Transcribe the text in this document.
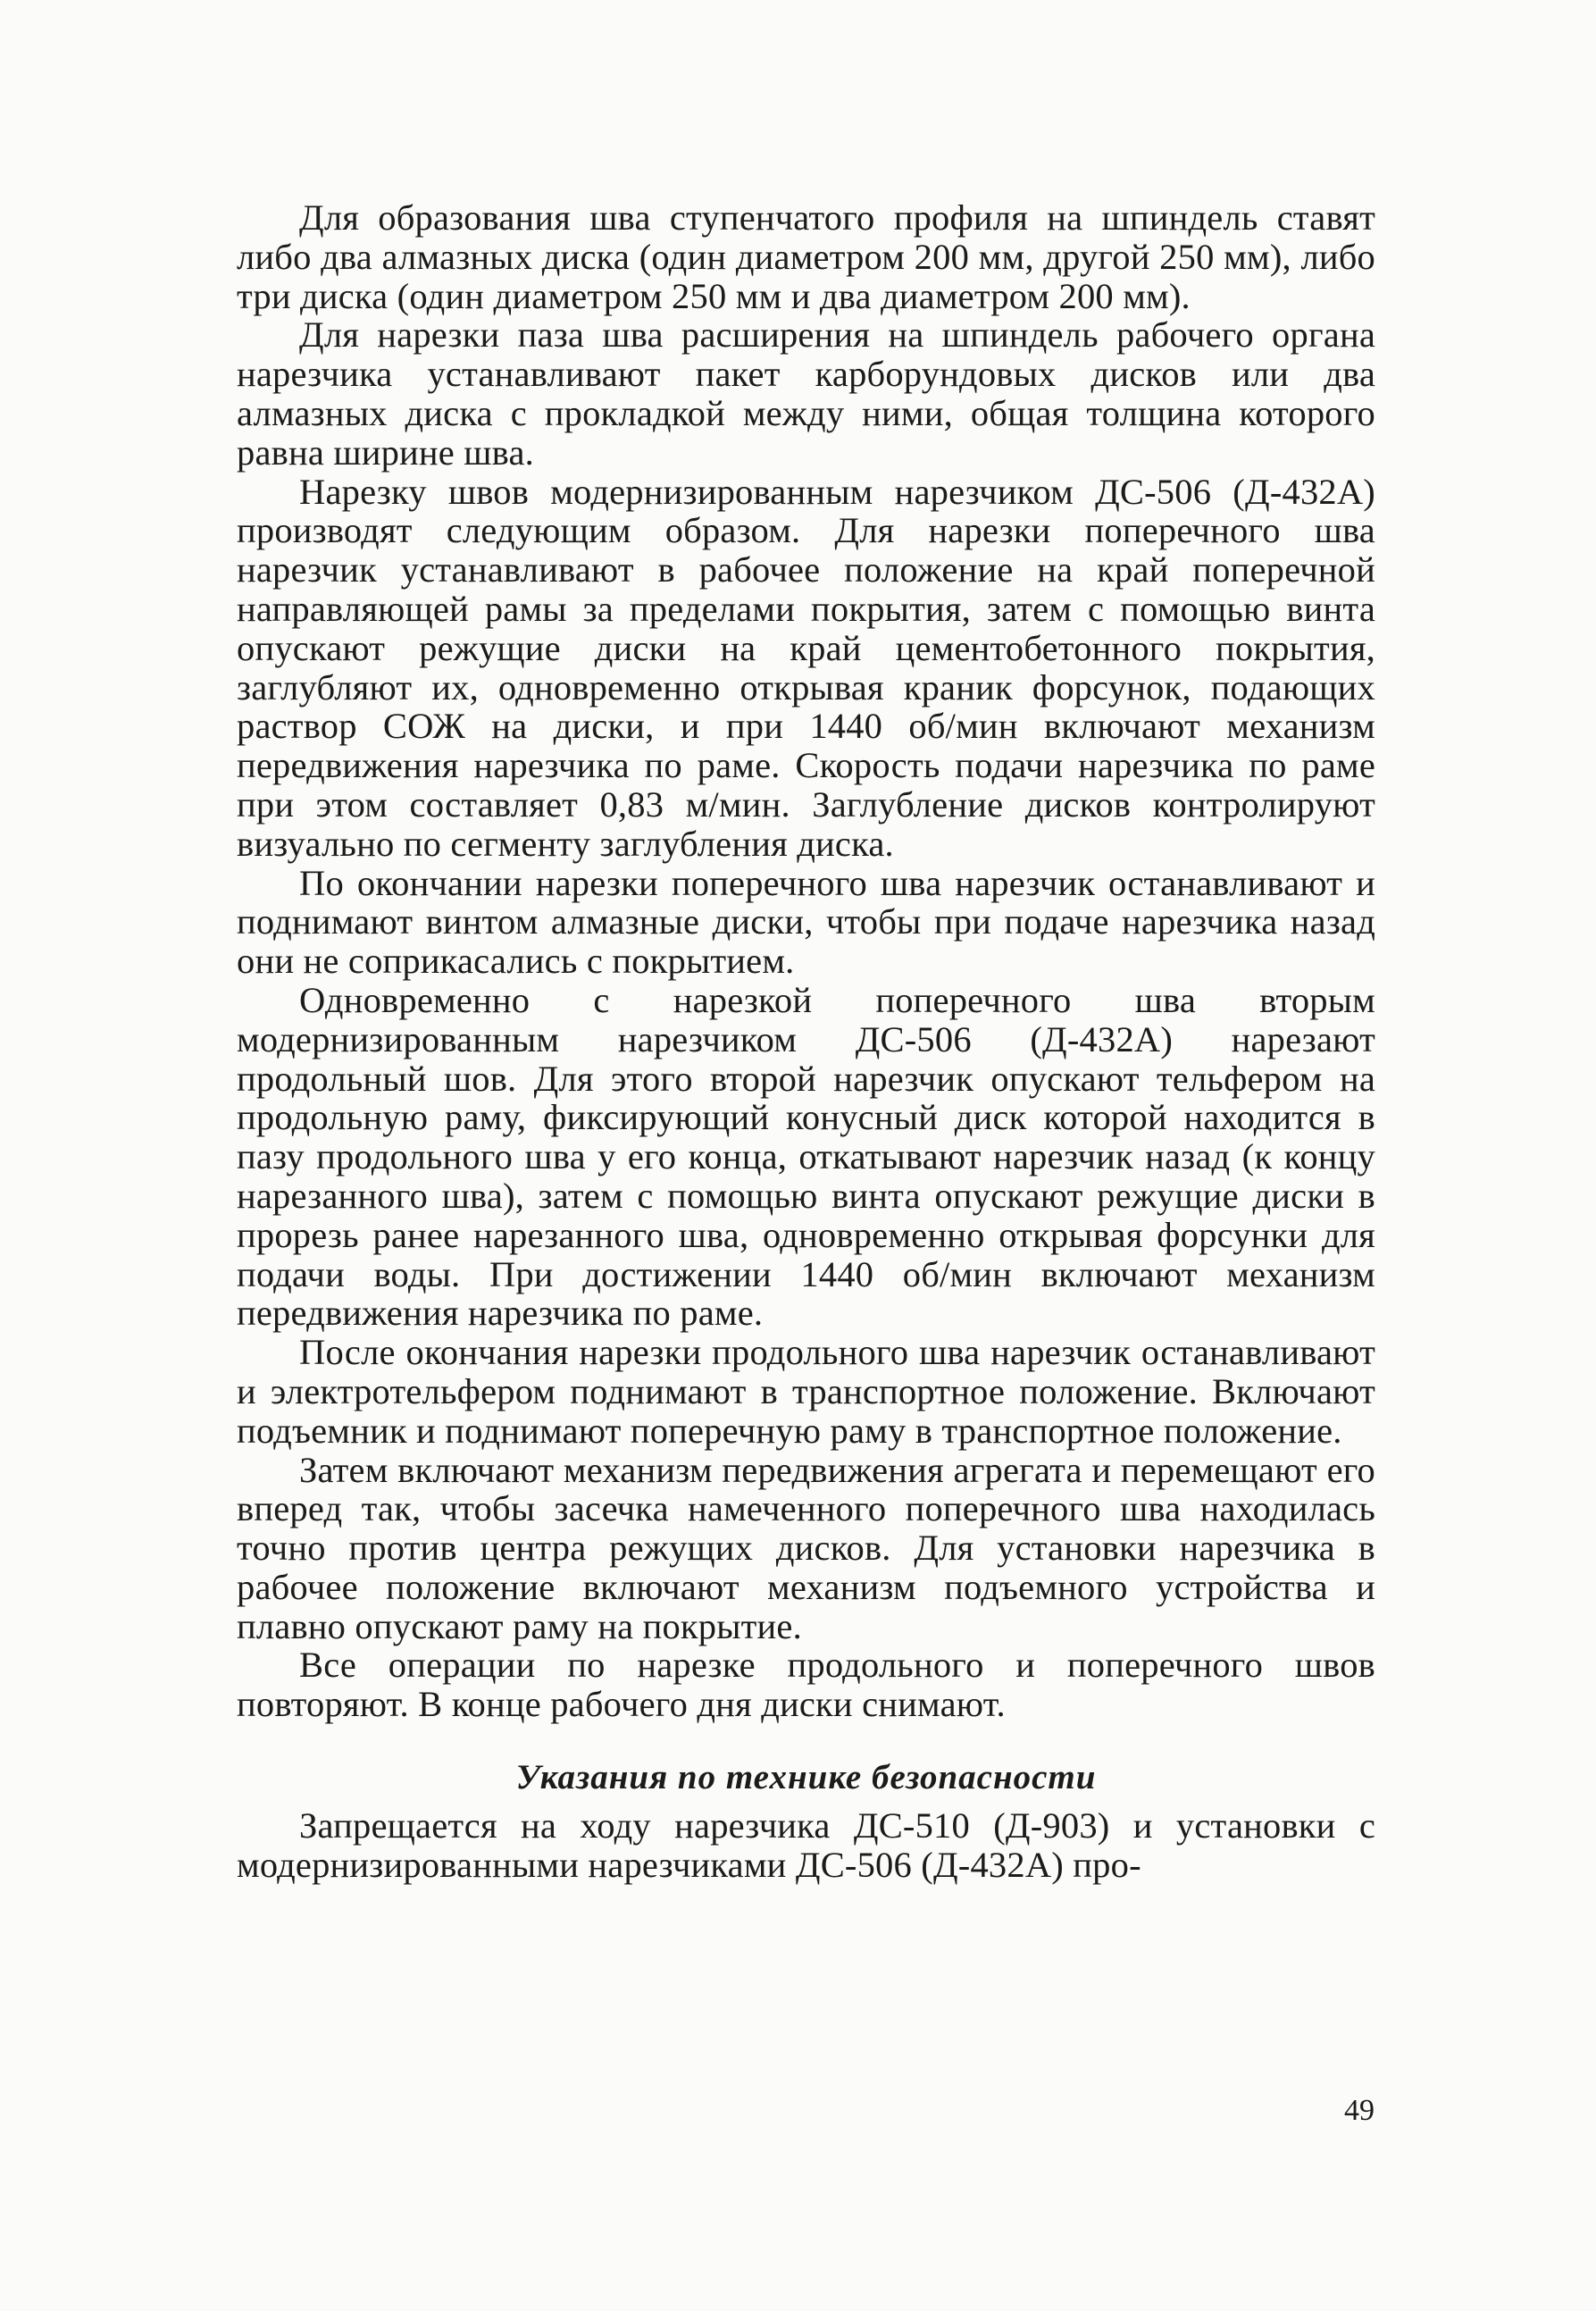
Для образования шва ступенчатого профиля на шпиндель ставят либо два алмазных диска (один диаметром 200 мм, другой 250 мм), либо три диска (один диаметром 250 мм и два диаметром 200 мм).

Для нарезки паза шва расширения на шпиндель рабочего органа нарезчика устанавливают пакет карборундовых дисков или два алмазных диска с прокладкой между ними, общая толщина которого равна ширине шва.

Нарезку швов модернизированным нарезчиком ДС-506 (Д-432А) производят следующим образом. Для нарезки поперечного шва нарезчик устанавливают в рабочее положение на край поперечной направляющей рамы за пределами покрытия, затем с помощью винта опускают режущие диски на край цементобетонного покрытия, заглубляют их, одновременно открывая краник форсунок, подающих раствор СОЖ на диски, и при 1440 об/мин включают механизм передвижения нарезчика по раме. Скорость подачи нарезчика по раме при этом составляет 0,83 м/мин. Заглубление дисков контролируют визуально по сегменту заглубления диска.

По окончании нарезки поперечного шва нарезчик останавливают и поднимают винтом алмазные диски, чтобы при подаче нарезчика назад они не соприкасались с покрытием.

Одновременно с нарезкой поперечного шва вторым модернизированным нарезчиком ДС-506 (Д-432А) нарезают продольный шов. Для этого второй нарезчик опускают тельфером на продольную раму, фиксирующий конусный диск которой находится в пазу продольного шва у его конца, откатывают нарезчик назад (к концу нарезанного шва), затем с помощью винта опускают режущие диски в прорезь ранее нарезанного шва, одновременно открывая форсунки для подачи воды. При достижении 1440 об/мин включают механизм передвижения нарезчика по раме.

После окончания нарезки продольного шва нарезчик останавливают и электротельфером поднимают в транспортное положение. Включают подъемник и поднимают поперечную раму в транспортное положение.

Затем включают механизм передвижения агрегата и перемещают его вперед так, чтобы засечка намеченного поперечного шва находилась точно против центра режущих дисков. Для установки нарезчика в рабочее положение включают механизм подъемного устройства и плавно опускают раму на покрытие.

Все операции по нарезке продольного и поперечного швов повторяют. В конце рабочего дня диски снимают.

Указания по технике безопасности

Запрещается на ходу нарезчика ДС-510 (Д-903) и установки с модернизированными нарезчиками ДС-506 (Д-432А) про-

49
